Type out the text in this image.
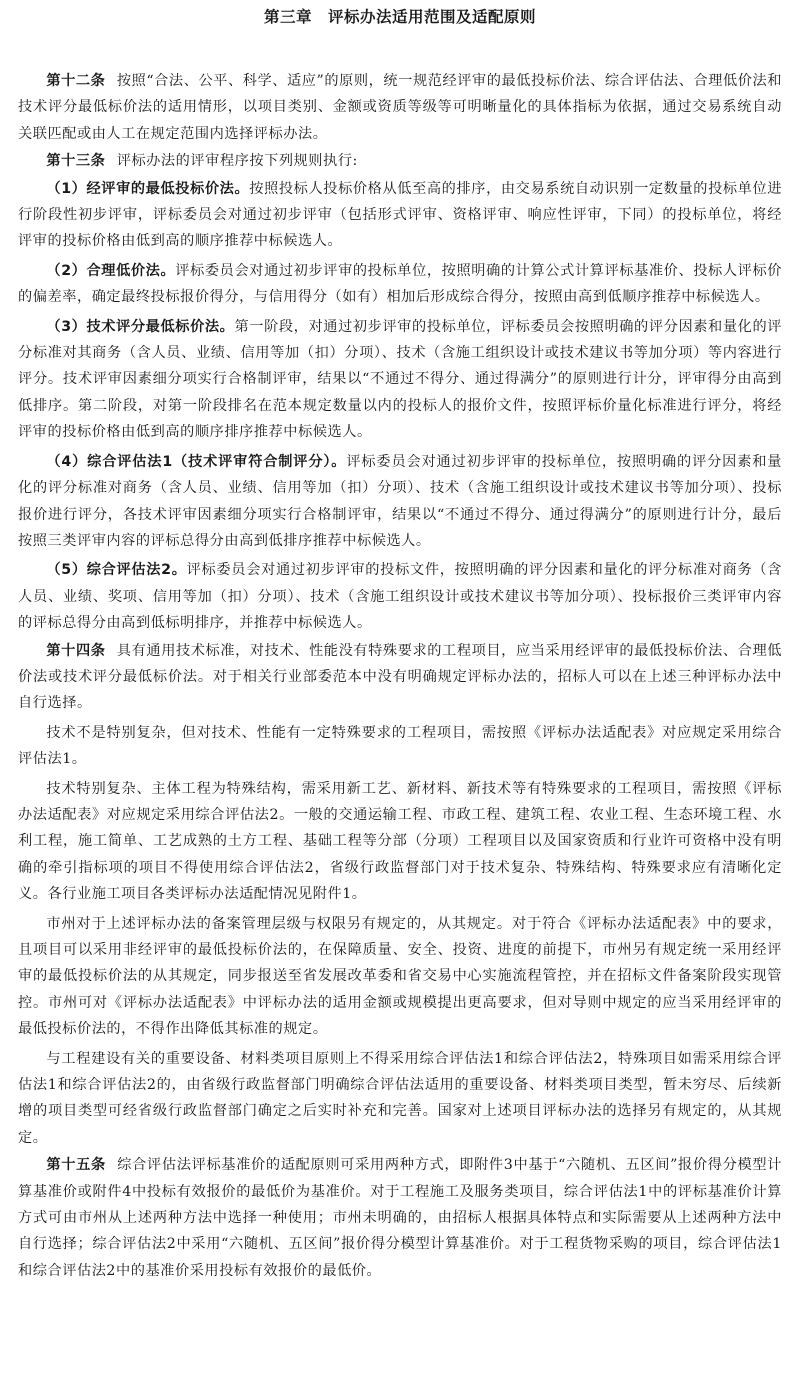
第三章　评标办法适用范围及适配原则

第十二条 按照“合法、公平、科学、适应”的原则，统一规范经评审的最低投标价法、综合评估法、合理低价法和技术评分最低标价法的适用情形，以项目类别、金额或资质等级等可明晰量化的具体指标为依据，通过交易系统自动关联匹配或由人工在规定范围内选择评标办法。

第十三条 评标办法的评审程序按下列规则执行:

（1）经评审的最低投标价法。按照投标人投标价格从低至高的排序，由交易系统自动识别一定数量的投标单位进行阶段性初步评审，评标委员会对通过初步评审（包括形式评审、资格评审、响应性评审，下同）的投标单位，将经评审的投标价格由低到高的顺序推荐中标候选人。

（2）合理低价法。评标委员会对通过初步评审的投标单位，按照明确的计算公式计算评标基准价、投标人评标价的偏差率，确定最终投标报价得分，与信用得分（如有）相加后形成综合得分，按照由高到低顺序推荐中标候选人。

（3）技术评分最低标价法。第一阶段，对通过初步评审的投标单位，评标委员会按照明确的评分因素和量化的评分标准对其商务（含人员、业绩、信用等加（扣）分项）、技术（含施工组织设计或技术建议书等加分项）等内容进行评分。技术评审因素细分项实行合格制评审，结果以“不通过不得分、通过得满分”的原则进行计分，评审得分由高到低排序。第二阶段，对第一阶段排名在范本规定数量以内的投标人的报价文件，按照评标价量化标准进行评分，将经评审的投标价格由低到高的顺序排序推荐中标候选人。

（4）综合评估法1（技术评审符合制评分）。评标委员会对通过初步评审的投标单位，按照明确的评分因素和量化的评分标准对商务（含人员、业绩、信用等加（扣）分项）、技术（含施工组织设计或技术建议书等加分项）、投标报价进行评分，各技术评审因素细分项实行合格制评审，结果以“不通过不得分、通过得满分”的原则进行计分，最后按照三类评审内容的评标总得分由高到低排序推荐中标候选人。

（5）综合评估法2。评标委员会对通过初步评审的投标文件，按照明确的评分因素和量化的评分标准对商务（含人员、业绩、奖项、信用等加（扣）分项）、技术（含施工组织设计或技术建议书等加分项）、投标报价三类评审内容的评标总得分由高到低标明排序，并推荐中标候选人。

第十四条 具有通用技术标准，对技术、性能没有特殊要求的工程项目，应当采用经评审的最低投标价法、合理低价法或技术评分最低标价法。对于相关行业部委范本中没有明确规定评标办法的，招标人可以在上述三种评标办法中自行选择。

技术不是特别复杂，但对技术、性能有一定特殊要求的工程项目，需按照《评标办法适配表》对应规定采用综合评估法1。

技术特别复杂、主体工程为特殊结构，需采用新工艺、新材料、新技术等有特殊要求的工程项目，需按照《评标办法适配表》对应规定采用综合评估法2。一般的交通运输工程、市政工程、建筑工程、农业工程、生态环境工程、水利工程，施工简单、工艺成熟的土方工程、基础工程等分部（分项）工程项目以及国家资质和行业许可资格中没有明确的牵引指标项的项目不得使用综合评估法2，省级行政监督部门对于技术复杂、特殊结构、特殊要求应有清晰化定义。各行业施工项目各类评标办法适配情况见附件1。

市州对于上述评标办法的备案管理层级与权限另有规定的，从其规定。对于符合《评标办法适配表》中的要求，且项目可以采用非经评审的最低投标价法的，在保障质量、安全、投资、进度的前提下，市州另有规定统一采用经评审的最低投标价法的从其规定，同步报送至省发展改革委和省交易中心实施流程管控，并在招标文件备案阶段实现管控。市州可对《评标办法适配表》中评标办法的适用金额或规模提出更高要求，但对导则中规定的应当采用经评审的最低投标价法的，不得作出降低其标准的规定。

与工程建设有关的重要设备、材料类项目原则上不得采用综合评估法1和综合评估法2，特殊项目如需采用综合评估法1和综合评估法2的，由省级行政监督部门明确综合评估法适用的重要设备、材料类项目类型，暂未穷尽、后续新增的项目类型可经省级行政监督部门确定之后实时补充和完善。国家对上述项目评标办法的选择另有规定的，从其规定。

第十五条 综合评估法评标基准价的适配原则可采用两种方式，即附件3中基于“六随机、五区间”报价得分模型计算基准价或附件4中投标有效报价的最低价为基准价。对于工程施工及服务类项目，综合评估法1中的评标基准价计算方式可由市州从上述两种方法中选择一种使用；市州未明确的，由招标人根据具体特点和实际需要从上述两种方法中自行选择；综合评估法2中采用“六随机、五区间”报价得分模型计算基准价。对于工程货物采购的项目，综合评估法1和综合评估法2中的基准价采用投标有效报价的最低价。
